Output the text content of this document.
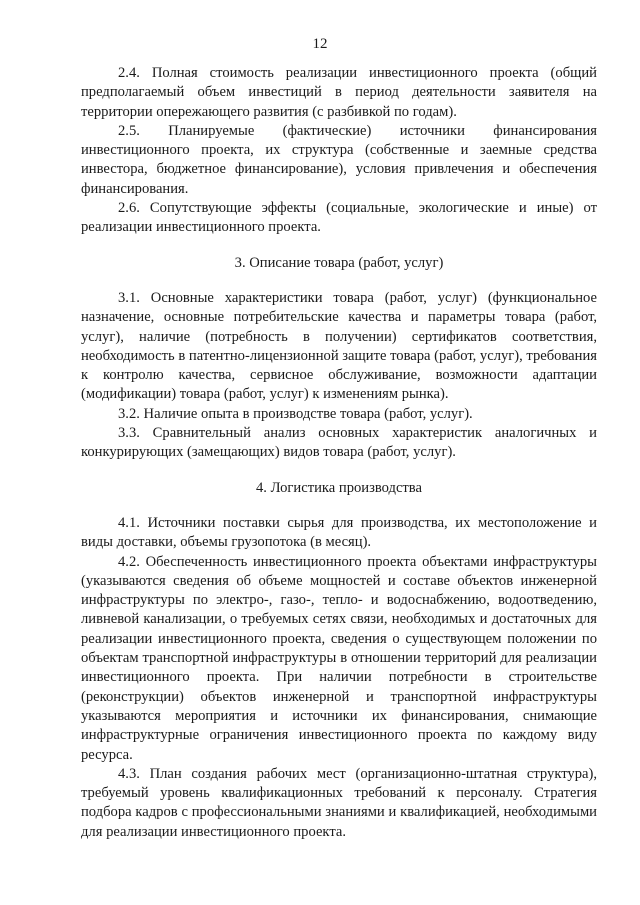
12

2.4. Полная стоимость реализации инвестиционного проекта (общий предполагаемый объем инвестиций в период деятельности заявителя на территории опережающего развития (с разбивкой по годам).

2.5. Планируемые (фактические) источники финансирования инвестиционного проекта, их структура (собственные и заемные средства инвестора, бюджетное финансирование), условия привлечения и обеспечения финансирования.

2.6. Сопутствующие эффекты (социальные, экологические и иные) от реализации инвестиционного проекта.

3. Описание товара (работ, услуг)

3.1. Основные характеристики товара (работ, услуг) (функциональное назначение, основные потребительские качества и параметры товара (работ, услуг), наличие (потребность в получении) сертификатов соответствия, необходимость в патентно-лицензионной защите товара (работ, услуг), требования к контролю качества, сервисное обслуживание, возможности адаптации (модификации) товара (работ, услуг) к изменениям рынка).

3.2. Наличие опыта в производстве товара (работ, услуг).

3.3. Сравнительный анализ основных характеристик аналогичных и конкурирующих (замещающих) видов товара (работ, услуг).

4. Логистика производства

4.1. Источники поставки сырья для производства, их местоположение и виды доставки, объемы грузопотока (в месяц).

4.2. Обеспеченность инвестиционного проекта объектами инфраструктуры (указываются сведения об объеме мощностей и составе объектов инженерной инфраструктуры по электро-, газо-, тепло- и водоснабжению, водоотведению, ливневой канализации, о требуемых сетях связи, необходимых и достаточных для реализации инвестиционного проекта, сведения о существующем положении по объектам транспортной инфраструктуры в отношении территорий для реализации инвестиционного проекта. При наличии потребности в строительстве (реконструкции) объектов инженерной и транспортной инфраструктуры указываются мероприятия и источники их финансирования, снимающие инфраструктурные ограничения инвестиционного проекта по каждому виду ресурса.

4.3. План создания рабочих мест (организационно-штатная структура), требуемый уровень квалификационных требований к персоналу. Стратегия подбора кадров с профессиональными знаниями и квалификацией, необходимыми для реализации инвестиционного проекта.
